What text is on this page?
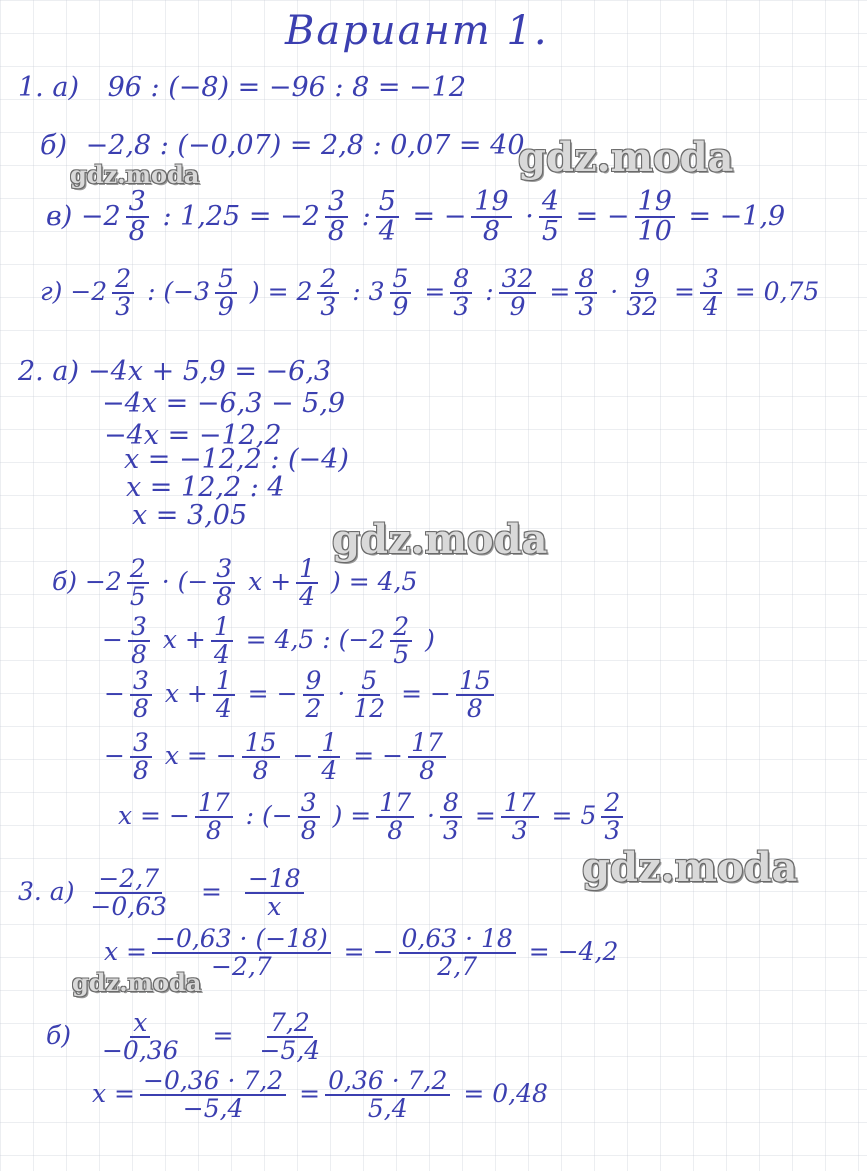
Вариант 1.
1. а) 96 : (−8) = −96 : 8 = −12
б) −2,8 : (−0,07) = 2,8 : 0,07 = 40
$в) -2 \frac{3}{8}$ : $1,25 = -2 \frac{3}{8}$ : $\frac{5}{4}$ = − $\frac{19}{8} \cdot \frac{4}{5}$ = − $\frac{19}{10} = -1,9$
$г) -2 \frac{2}{3}$ : ($-3 \frac{5}{9}$ ) = $2 \frac{2}{3}$ : $3 \frac{5}{9} = \frac{8}{3}$ : $\frac{32}{9} = \frac{8}{3} \cdot \frac{9}{32} = \frac{3}{4} = 0,75$
2. а) −4x + 5,9 = −6,3
−4x = −6,3 − 5,9
−4x = −12,2
x = −12,2 : (−4)
x = 12,2 : 4
x = 3,05
$б) -2 \frac{2}{5}$ · (− $\frac{3}{8}$ $x + \frac{1}{4}$ ) = 4,5
− $\frac{3}{8}$ $x + \frac{1}{4} = 4,5$ : ($-2 \frac{2}{5}$ )
− $\frac{3}{8}$ $x + \frac{1}{4}$ = − $\frac{9}{2} \cdot \frac{5}{12}$ = − $\frac{15}{8}$
− $\frac{3}{8}$ x = − $\frac{15}{8} - \frac{1}{4}$ = − $\frac{17}{8}$
x = − $\frac{17}{8}$ : (− $\frac{3}{8}$ ) = $\frac{17}{8} \cdot \frac{8}{3} = \frac{17}{3} = 5 \frac{2}{3}$
3. $а) \frac{-2,7}{-0,63} = \frac{-18}{x}$
$x = \frac{-0,63 \cdot (-18)}{-2,7}$ = − $\frac{0,63 \cdot 18}{2,7} = -4,2$
$б) \frac{x}{-0,36} = \frac{7,2}{-5,4}$
$x = \frac{-0,36 \cdot 7,2}{-5,4} = \frac{0,36 \cdot 7,2}{5,4} = 0,48$
gdz.moda
gdz.moda
gdz.moda
gdz.moda
gdz.moda
